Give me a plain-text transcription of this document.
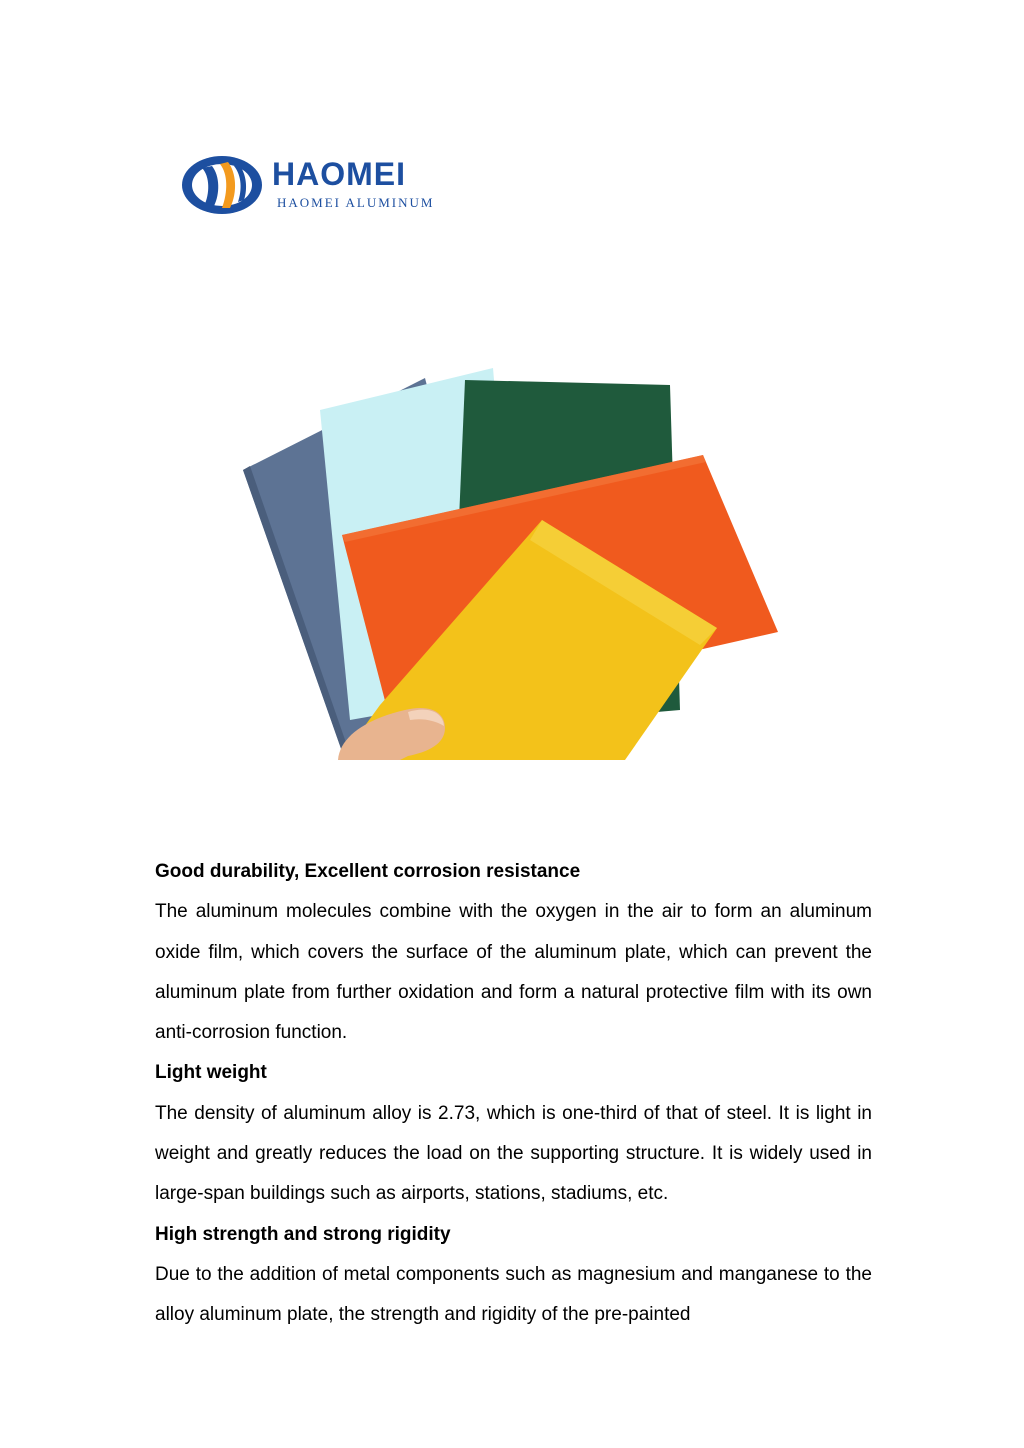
HAOMEI
HAOMEI ALUMINUM
Good durability, Excellent corrosion resistance

The aluminum molecules combine with the oxygen in the air to form an aluminum oxide film, which covers the surface of the aluminum plate, which can prevent the aluminum plate from further oxidation and form a natural protective film with its own anti-corrosion function.

Light weight

The density of aluminum alloy is 2.73, which is one-third of that of steel. It is light in weight and greatly reduces the load on the supporting structure. It is widely used in large-span buildings such as airports, stations, stadiums, etc.

High strength and strong rigidity

Due to the addition of metal components such as magnesium and manganese to the alloy aluminum plate, the strength and rigidity of the pre-painted
